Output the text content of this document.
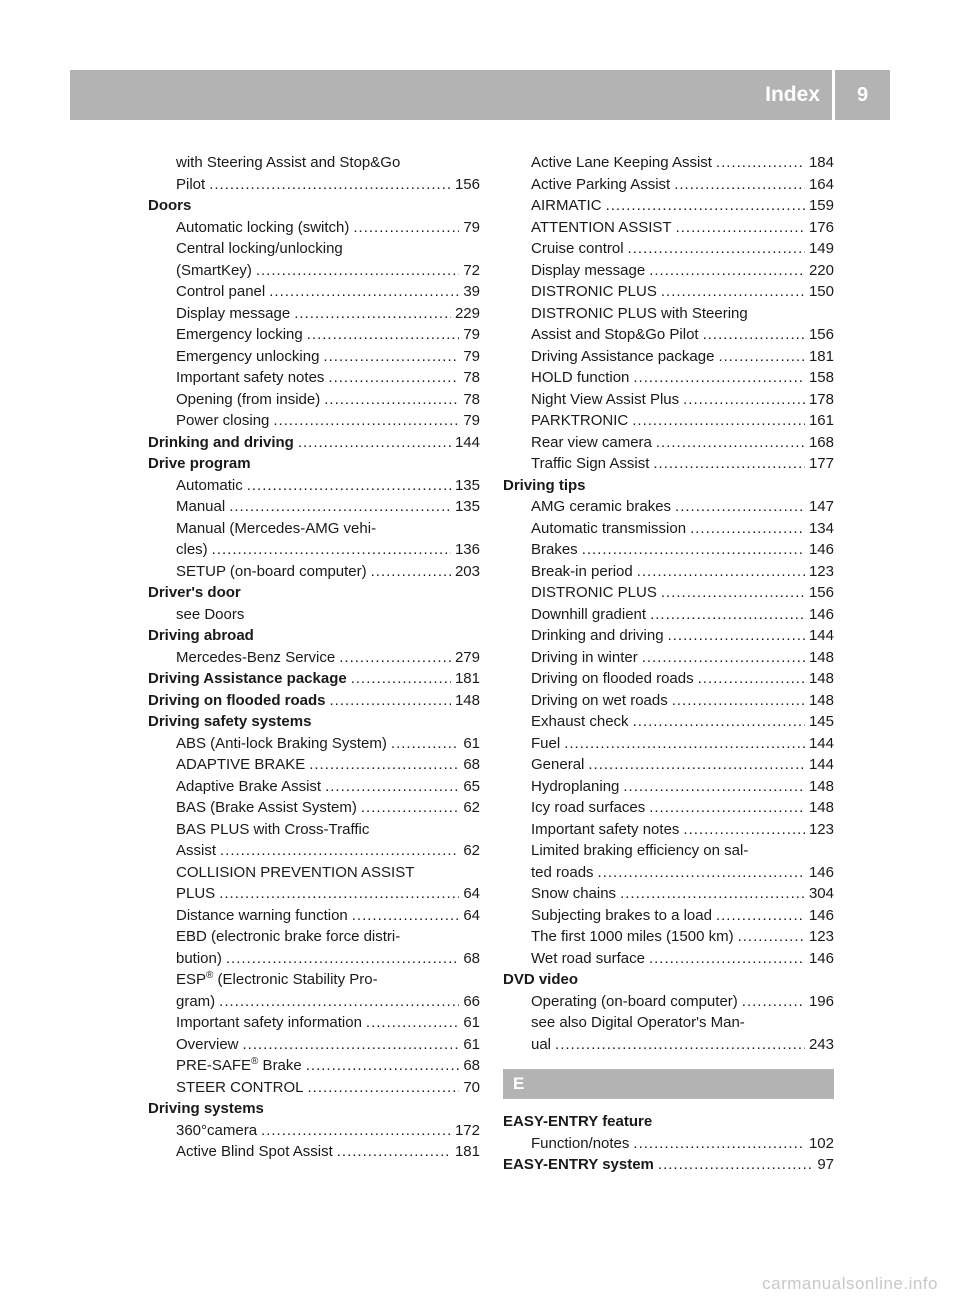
Index	9
with Steering Assist and Stop&Go
Pilot .....	156
Doors
Automatic locking (switch) .....	79
Central locking/unlocking
(SmartKey) .....	72
Control panel .....	39
Display message .....	229
Emergency locking .....	79
Emergency unlocking .....	79
Important safety notes .....	78
Opening (from inside) .....	78
Power closing .....	79
Drinking and driving .....	144
Drive program
Automatic .....	135
Manual .....	135
Manual (Mercedes-AMG vehi-
cles) .....	136
SETUP (on-board computer) .....	203
Driver's door
see Doors
Driving abroad
Mercedes-Benz Service .....	279
Driving Assistance package .....	181
Driving on flooded roads .....	148
Driving safety systems
ABS (Anti-lock Braking System) .....	61
ADAPTIVE BRAKE .....	68
Adaptive Brake Assist .....	65
BAS (Brake Assist System) .....	62
BAS PLUS with Cross-Traffic
Assist .....	62
COLLISION PREVENTION ASSIST
PLUS .....	64
Distance warning function .....	64
EBD (electronic brake force distri-
bution) .....	68
ESP® (Electronic Stability Pro-
gram) .....	66
Important safety information .....	61
Overview .....	61
PRE-SAFE® Brake .....	68
STEER CONTROL .....	70
Driving systems
360°camera .....	172
Active Blind Spot Assist .....	181
Active Lane Keeping Assist .....	184
Active Parking Assist .....	164
AIRMATIC .....	159
ATTENTION ASSIST .....	176
Cruise control .....	149
Display message .....	220
DISTRONIC PLUS .....	150
DISTRONIC PLUS with Steering
Assist and Stop&Go Pilot .....	156
Driving Assistance package .....	181
HOLD function .....	158
Night View Assist Plus .....	178
PARKTRONIC .....	161
Rear view camera .....	168
Traffic Sign Assist .....	177
Driving tips
AMG ceramic brakes .....	147
Automatic transmission .....	134
Brakes .....	146
Break-in period .....	123
DISTRONIC PLUS .....	156
Downhill gradient .....	146
Drinking and driving .....	144
Driving in winter .....	148
Driving on flooded roads .....	148
Driving on wet roads .....	148
Exhaust check .....	145
Fuel .....	144
General .....	144
Hydroplaning .....	148
Icy road surfaces .....	148
Important safety notes .....	123
Limited braking efficiency on sal-
ted roads .....	146
Snow chains .....	304
Subjecting brakes to a load .....	146
The first 1000 miles (1500 km) .....	123
Wet road surface .....	146
DVD video
Operating (on-board computer) .....	196
see also Digital Operator's Man-
ual .....	243
E
EASY-ENTRY feature
Function/notes .....	102
EASY-ENTRY system .....	97
carmanualsonline.info
